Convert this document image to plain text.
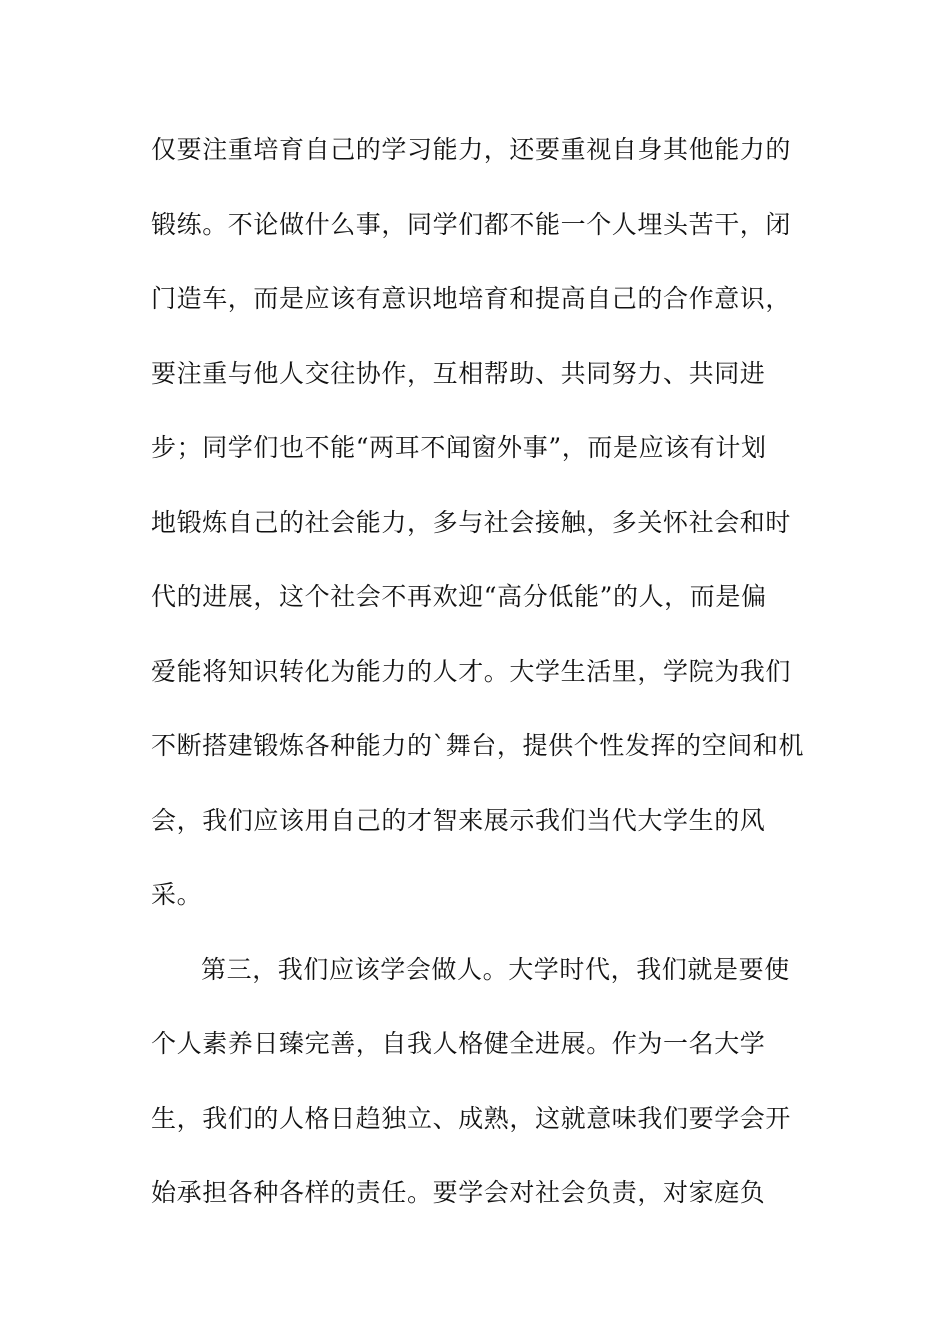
仅要注重培育自己的学习能力，还要重视自身其他能力的
锻练。不论做什么事，同学们都不能一个人埋头苦干，闭
门造车，而是应该有意识地培育和提高自己的合作意识，
要注重与他人交往协作，互相帮助、共同努力、共同进
步；同学们也不能“两耳不闻窗外事”，而是应该有计划
地锻炼自己的社会能力，多与社会接触，多关怀社会和时
代的进展，这个社会不再欢迎“高分低能”的人，而是偏
爱能将知识转化为能力的人才。大学生活里，学院为我们
不断搭建锻炼各种能力的`舞台，提供个性发挥的空间和机
会，我们应该用自己的才智来展示我们当代大学生的风
采。
第三，我们应该学会做人。大学时代，我们就是要使
个人素养日臻完善，自我人格健全进展。作为一名大学
生，我们的人格日趋独立、成熟，这就意味我们要学会开
始承担各种各样的责任。要学会对社会负责，对家庭负
